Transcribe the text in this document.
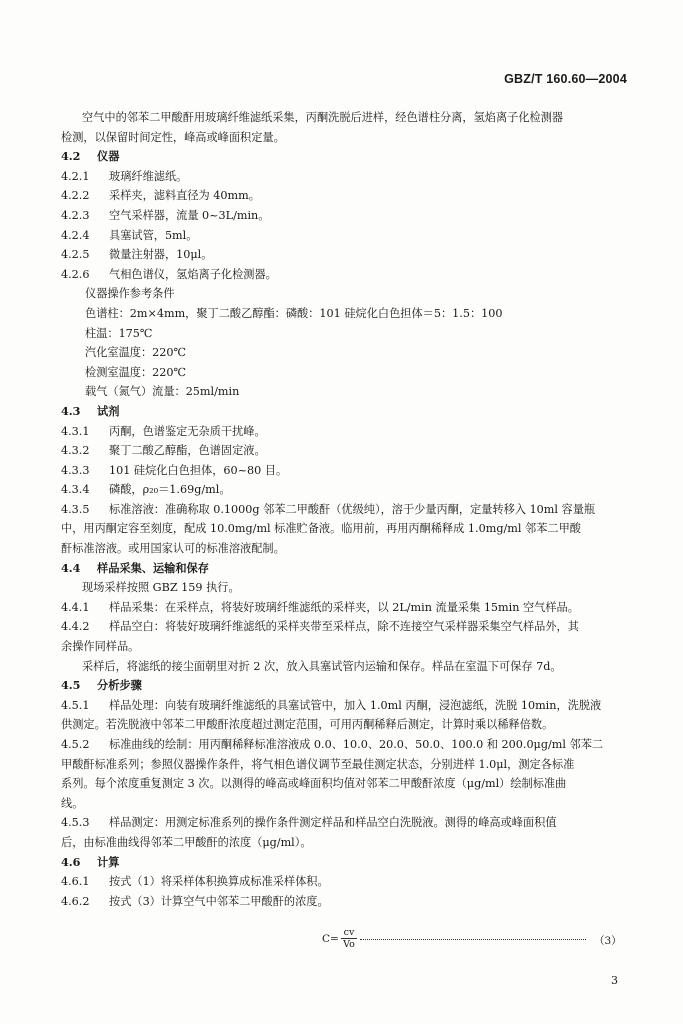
GBZ/T 160.60—2004
空气中的邻苯二甲酸酐用玻璃纤维滤纸采集，丙酮洗脱后进样，经色谱柱分离，氢焰离子化检测器
检测，以保留时间定性，峰高或峰面积定量。
4.2 仪器
4.2.1 玻璃纤维滤纸。
4.2.2 采样夹，滤料直径为 40mm。
4.2.3 空气采样器，流量 0~3L/min。
4.2.4 具塞试管，5ml。
4.2.5 微量注射器，10μl。
4.2.6 气相色谱仪，氢焰离子化检测器。
仪器操作参考条件
色谱柱：2m×4mm，聚丁二酸乙醇酯：磷酸：101 硅烷化白色担体＝5：1.5：100
柱温：175℃
汽化室温度：220℃
检测室温度：220℃
载气（氮气）流量：25ml/min
4.3 试剂
4.3.1 丙酮，色谱鉴定无杂质干扰峰。
4.3.2 聚丁二酸乙醇酯，色谱固定液。
4.3.3 101 硅烷化白色担体，60~80 目。
4.3.4 磷酸，ρ₂₀＝1.69g/ml。
4.3.5 标准溶液：准确称取 0.1000g 邻苯二甲酸酐（优级纯），溶于少量丙酮，定量转移入 10ml 容量瓶
中，用丙酮定容至刻度，配成 10.0mg/ml 标准贮备液。临用前，再用丙酮稀释成 1.0mg/ml 邻苯二甲酸
酐标准溶液。或用国家认可的标准溶液配制。
4.4 样品采集、运输和保存
现场采样按照 GBZ 159 执行。
4.4.1 样品采集：在采样点，将装好玻璃纤维滤纸的采样夹，以 2L/min 流量采集 15min 空气样品。
4.4.2 样品空白：将装好玻璃纤维滤纸的采样夹带至采样点，除不连接空气采样器采集空气样品外，其
余操作同样品。
采样后，将滤纸的接尘面朝里对折 2 次，放入具塞试管内运输和保存。样品在室温下可保存 7d。
4.5 分析步骤
4.5.1 样品处理：向装有玻璃纤维滤纸的具塞试管中，加入 1.0ml 丙酮，浸泡滤纸，洗脱 10min，洗脱液
供测定。若洗脱液中邻苯二甲酸酐浓度超过测定范围，可用丙酮稀释后测定，计算时乘以稀释倍数。
4.5.2 标准曲线的绘制：用丙酮稀释标准溶液成 0.0、10.0、20.0、50.0、100.0 和 200.0μg/ml 邻苯二
甲酸酐标准系列；参照仪器操作条件，将气相色谱仪调节至最佳测定状态，分别进样 1.0μl，测定各标准
系列。每个浓度重复测定 3 次。以测得的峰高或峰面积均值对邻苯二甲酸酐浓度（μg/ml）绘制标准曲
线。
4.5.3 样品测定：用测定标准系列的操作条件测定样品和样品空白洗脱液。测得的峰高或峰面积值
后，由标准曲线得邻苯二甲酸酐的浓度（μg/ml）。
4.6 计算
4.6.1 按式（1）将采样体积换算成标准采样体积。
4.6.2 按式（3）计算空气中邻苯二甲酸酐的浓度。
C=
cv
Vo	（3）
3
